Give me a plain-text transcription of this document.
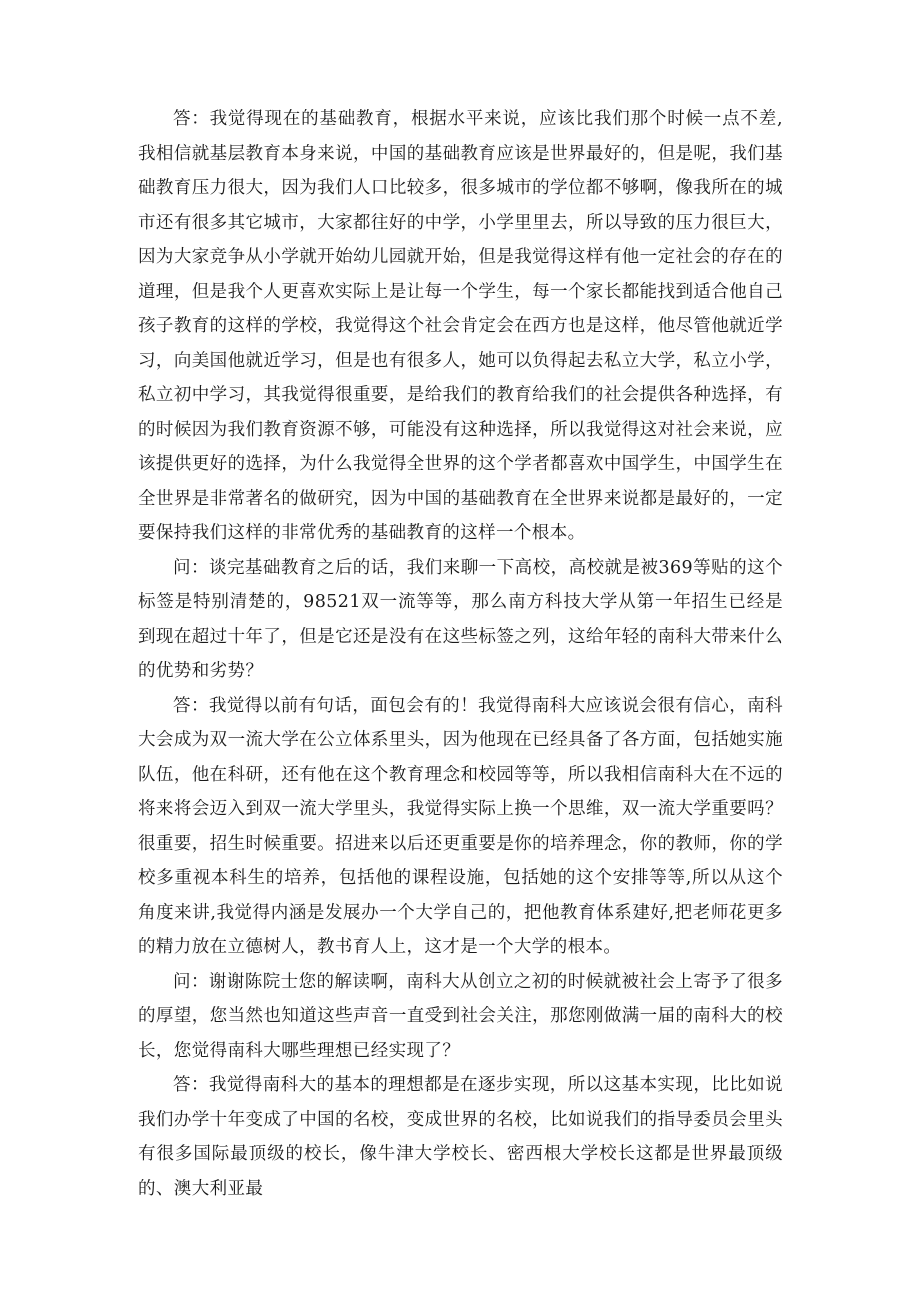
答：我觉得现在的基础教育，根据水平来说，应该比我们那个时候一点不差,我相信就基层教育本身来说，中国的基础教育应该是世界最好的，但是呢，我们基础教育压力很大，因为我们人口比较多，很多城市的学位都不够啊，像我所在的城市还有很多其它城市，大家都往好的中学，小学里里去，所以导致的压力很巨大，因为大家竞争从小学就开始幼儿园就开始，但是我觉得这样有他一定社会的存在的道理，但是我个人更喜欢实际上是让每一个学生，每一个家长都能找到适合他自己孩子教育的这样的学校，我觉得这个社会肯定会在西方也是这样，他尽管他就近学习，向美国他就近学习，但是也有很多人，她可以负得起去私立大学，私立小学，私立初中学习，其我觉得很重要，是给我们的教育给我们的社会提供各种选择，有的时候因为我们教育资源不够，可能没有这种选择，所以我觉得这对社会来说，应该提供更好的选择，为什么我觉得全世界的这个学者都喜欢中国学生，中国学生在全世界是非常著名的做研究，因为中国的基础教育在全世界来说都是最好的，一定要保持我们这样的非常优秀的基础教育的这样一个根本。

问：谈完基础教育之后的话，我们来聊一下高校，高校就是被369等贴的这个标签是特别清楚的，98521双一流等等，那么南方科技大学从第一年招生已经是到现在超过十年了，但是它还是没有在这些标签之列，这给年轻的南科大带来什么的优势和劣势？

答：我觉得以前有句话，面包会有的！我觉得南科大应该说会很有信心，南科大会成为双一流大学在公立体系里头，因为他现在已经具备了各方面，包括她实施队伍，他在科研，还有他在这个教育理念和校园等等，所以我相信南科大在不远的将来将会迈入到双一流大学里头，我觉得实际上换一个思维，双一流大学重要吗？很重要，招生时候重要。招进来以后还更重要是你的培养理念，你的教师，你的学校多重视本科生的培养，包括他的课程设施，包括她的这个安排等等,所以从这个角度来讲,我觉得内涵是发展办一个大学自己的，把他教育体系建好,把老师花更多的精力放在立德树人，教书育人上，这才是一个大学的根本。

问：谢谢陈院士您的解读啊，南科大从创立之初的时候就被社会上寄予了很多的厚望，您当然也知道这些声音一直受到社会关注，那您刚做满一届的南科大的校长，您觉得南科大哪些理想已经实现了？

答：我觉得南科大的基本的理想都是在逐步实现，所以这基本实现，比比如说我们办学十年变成了中国的名校，变成世界的名校，比如说我们的指导委员会里头有很多国际最顶级的校长，像牛津大学校长、密西根大学校长这都是世界最顶级的、澳大利亚最
